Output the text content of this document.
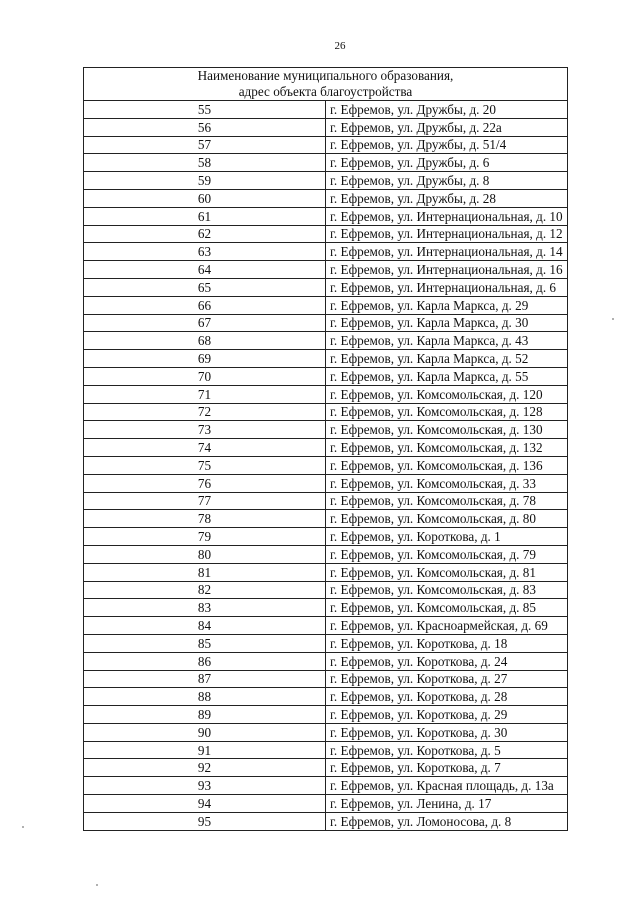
26
Наименование муниципального образования,
адрес объекта благоустройства	

55	г. Ефремов, ул. Дружбы, д. 20
56	г. Ефремов, ул. Дружбы, д. 22а
57	г. Ефремов, ул. Дружбы, д. 51/4
58	г. Ефремов, ул. Дружбы, д. 6
59	г. Ефремов, ул. Дружбы, д. 8
60	г. Ефремов, ул. Дружбы, д. 28
61	г. Ефремов, ул. Интернациональная, д. 10
62	г. Ефремов, ул. Интернациональная, д. 12
63	г. Ефремов, ул. Интернациональная, д. 14
64	г. Ефремов, ул. Интернациональная, д. 16
65	г. Ефремов, ул. Интернациональная, д. 6
66	г. Ефремов, ул. Карла Маркса, д. 29
67	г. Ефремов, ул. Карла Маркса, д. 30
68	г. Ефремов, ул. Карла Маркса, д. 43
69	г. Ефремов, ул. Карла Маркса, д. 52
70	г. Ефремов, ул. Карла Маркса, д. 55
71	г. Ефремов, ул. Комсомольская, д. 120
72	г. Ефремов, ул. Комсомольская, д. 128
73	г. Ефремов, ул. Комсомольская, д. 130
74	г. Ефремов, ул. Комсомольская, д. 132
75	г. Ефремов, ул. Комсомольская, д. 136
76	г. Ефремов, ул. Комсомольская, д. 33
77	г. Ефремов, ул. Комсомольская, д. 78
78	г. Ефремов, ул. Комсомольская, д. 80
79	г. Ефремов, ул. Короткова, д. 1
80	г. Ефремов, ул. Комсомольская, д. 79
81	г. Ефремов, ул. Комсомольская, д. 81
82	г. Ефремов, ул. Комсомольская, д. 83
83	г. Ефремов, ул. Комсомольская, д. 85
84	г. Ефремов, ул. Красноармейская, д. 69
85	г. Ефремов, ул. Короткова, д. 18
86	г. Ефремов, ул. Короткова, д. 24
87	г. Ефремов, ул. Короткова, д. 27
88	г. Ефремов, ул. Короткова, д. 28
89	г. Ефремов, ул. Короткова, д. 29
90	г. Ефремов, ул. Короткова, д. 30
91	г. Ефремов, ул. Короткова, д. 5
92	г. Ефремов, ул. Короткова, д. 7
93	г. Ефремов, ул. Красная площадь, д. 13а
94	г. Ефремов, ул. Ленина, д. 17
95	г. Ефремов, ул. Ломоносова, д. 8
